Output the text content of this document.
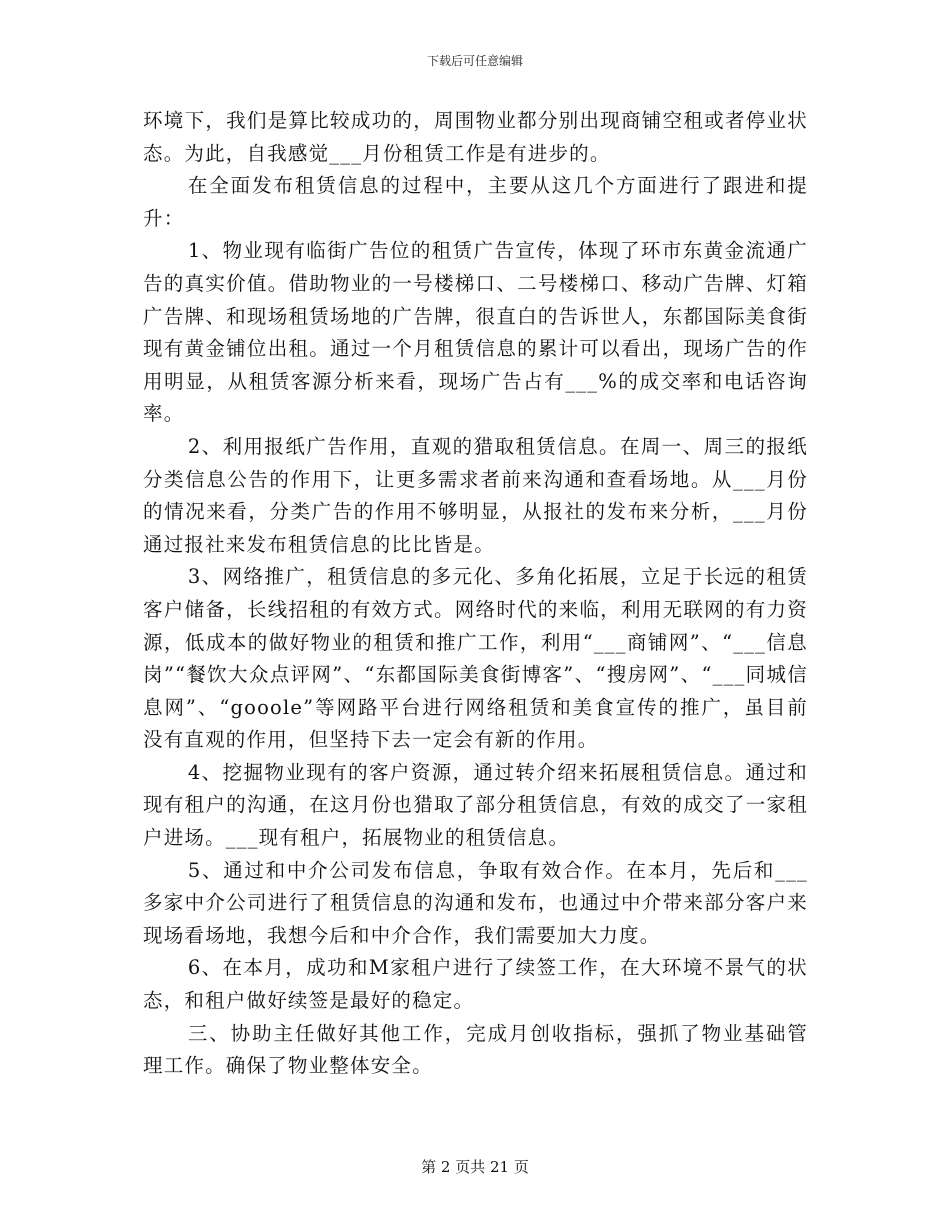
下载后可任意编辑

环境下，我们是算比较成功的，周围物业都分别出现商铺空租或者停业状态。为此，自我感觉___月份租赁工作是有进步的。

在全面发布租赁信息的过程中，主要从这几个方面进行了跟进和提升：

1、物业现有临街广告位的租赁广告宣传，体现了环市东黄金流通广告的真实价值。借助物业的一号楼梯口、二号楼梯口、移动广告牌、灯箱广告牌、和现场租赁场地的广告牌，很直白的告诉世人，东都国际美食街现有黄金铺位出租。通过一个月租赁信息的累计可以看出，现场广告的作用明显，从租赁客源分析来看，现场广告占有___%的成交率和电话咨询率。

2、利用报纸广告作用，直观的猎取租赁信息。在周一、周三的报纸分类信息公告的作用下，让更多需求者前来沟通和查看场地。从___月份的情况来看，分类广告的作用不够明显，从报社的发布来分析，___月份通过报社来发布租赁信息的比比皆是。

3、网络推广，租赁信息的多元化、多角化拓展，立足于长远的租赁客户储备，长线招租的有效方式。网络时代的来临，利用无联网的有力资源，低成本的做好物业的租赁和推广工作，利用“___商铺网”、“___信息岗”“餐饮大众点评网”、“东都国际美食街博客”、“搜房网”、“___同城信息网”、“gooole”等网路平台进行网络租赁和美食宣传的推广，虽目前没有直观的作用，但坚持下去一定会有新的作用。

4、挖掘物业现有的客户资源，通过转介绍来拓展租赁信息。通过和现有租户的沟通，在这月份也猎取了部分租赁信息，有效的成交了一家租户进场。___现有租户，拓展物业的租赁信息。

5、通过和中介公司发布信息，争取有效合作。在本月，先后和___多家中介公司进行了租赁信息的沟通和发布，也通过中介带来部分客户来现场看场地，我想今后和中介合作，我们需要加大力度。

6、在本月，成功和M家租户进行了续签工作，在大环境不景气的状态，和租户做好续签是最好的稳定。

三、协助主任做好其他工作，完成月创收指标，强抓了物业基础管理工作。确保了物业整体安全。

第 2 页共 21 页
